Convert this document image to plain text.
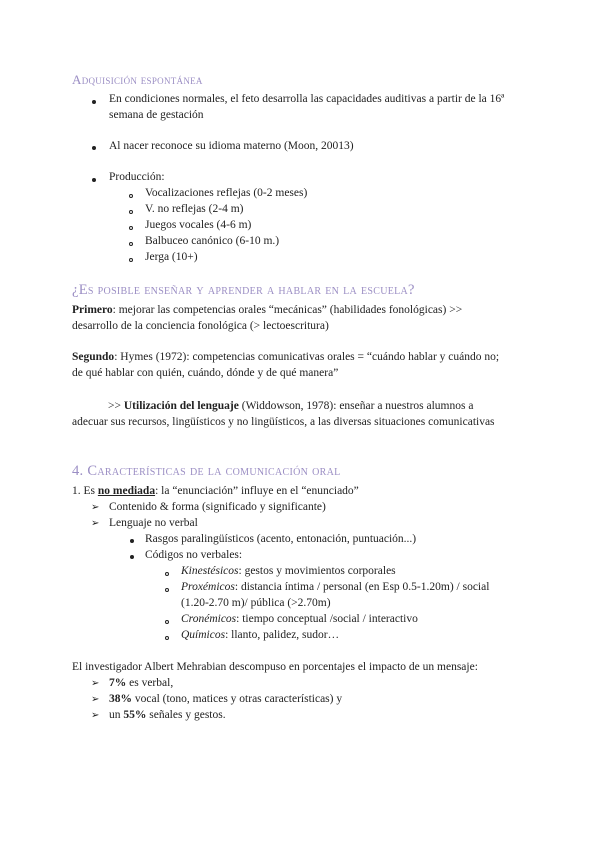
Adquisición espontánea
En condiciones normales, el feto desarrolla las capacidades auditivas a partir de la 16ª
semana de gestación
Al nacer reconoce su idioma materno (Moon, 20013)
Producción:
Vocalizaciones reflejas (0-2 meses)
V. no reflejas (2-4 m)
Juegos vocales (4-6 m)
Balbuceo canónico (6-10 m.)
Jerga (10+)
¿Es posible enseñar y aprender a hablar en la escuela?
Primero: mejorar las competencias orales “mecánicas” (habilidades fonológicas) >>
desarrollo de la conciencia fonológica (> lectoescritura)
Segundo: Hymes (1972): competencias comunicativas orales = “cuándo hablar y cuándo no;
de qué hablar con quién, cuándo, dónde y de qué manera”
>> Utilización del lenguaje (Widdowson, 1978): enseñar a nuestros alumnos a
adecuar sus recursos, lingüísticos y no lingüísticos, a las diversas situaciones comunicativas
4. Características de la comunicación oral
1. Es no mediada: la “enunciación” influye en el “enunciado”
➢ Contenido & forma (significado y significante)
➢ Lenguaje no verbal
Rasgos paralingüísticos (acento, entonación, puntuación...)
Códigos no verbales:
Kinestésicos: gestos y movimientos corporales
Proxémicos: distancia íntima / personal (en Esp 0.5-1.20m) / social
(1.20-2.70 m)/ pública (>2.70m)
Cronémicos: tiempo conceptual /social / interactivo
Químicos: llanto, palidez, sudor…
El investigador Albert Mehrabian descompuso en porcentajes el impacto de un mensaje:
➢ 7% es verbal,
➢ 38% vocal (tono, matices y otras características) y
➢ un 55% señales y gestos.
